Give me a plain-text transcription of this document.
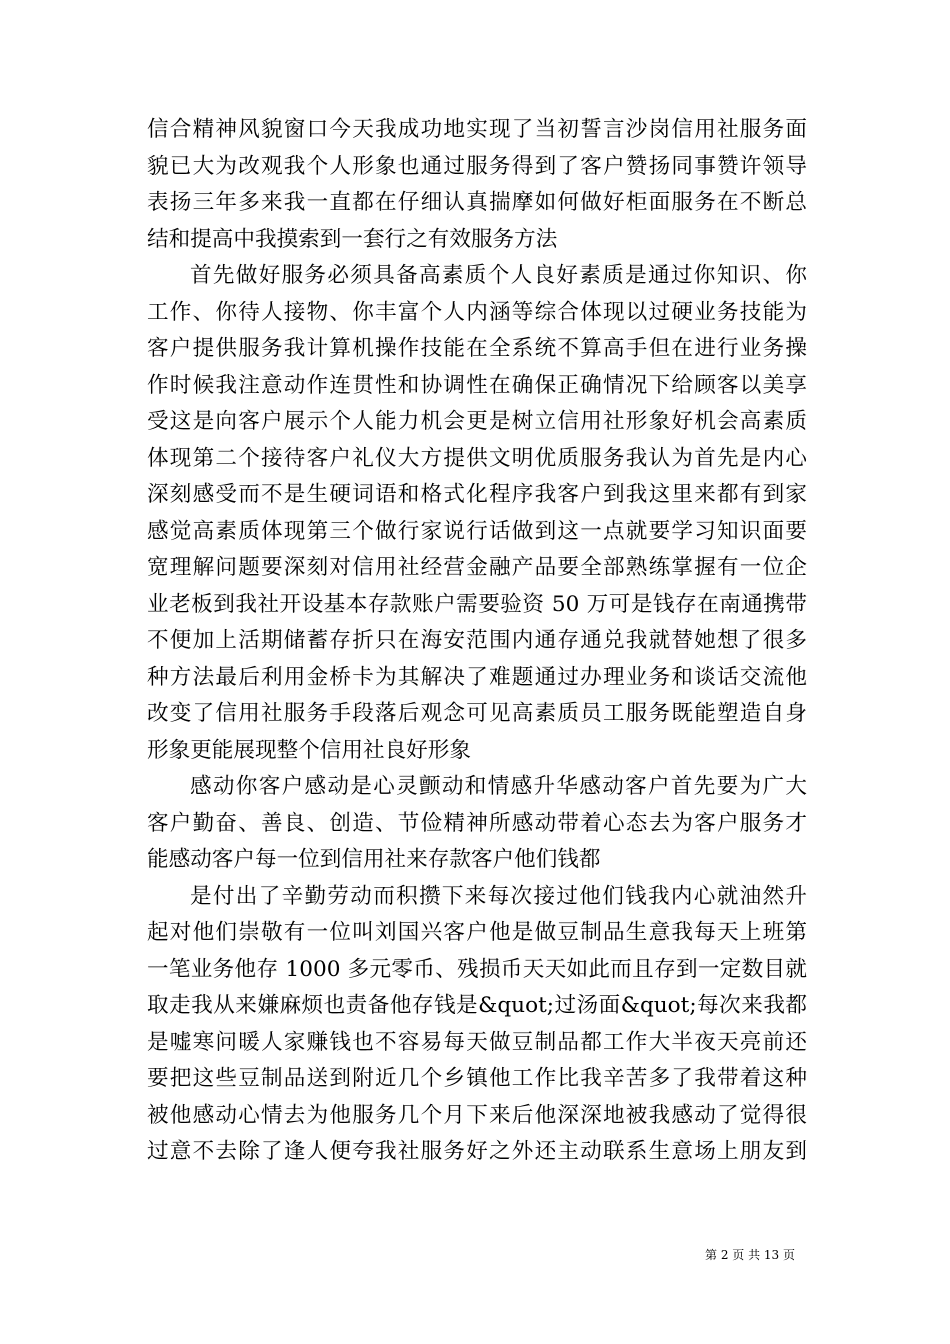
信合精神风貌窗口今天我成功地实现了当初誓言沙岗信用社服务面
貌已大为改观我个人形象也通过服务得到了客户赞扬同事赞许领导
表扬三年多来我一直都在仔细认真揣摩如何做好柜面服务在不断总
结和提高中我摸索到一套行之有效服务方法
首先做好服务必须具备高素质个人良好素质是通过你知识、你
工作、你待人接物、你丰富个人内涵等综合体现以过硬业务技能为
客户提供服务我计算机操作技能在全系统不算高手但在进行业务操
作时候我注意动作连贯性和协调性在确保正确情况下给顾客以美享
受这是向客户展示个人能力机会更是树立信用社形象好机会高素质
体现第二个接待客户礼仪大方提供文明优质服务我认为首先是内心
深刻感受而不是生硬词语和格式化程序我客户到我这里来都有到家
感觉高素质体现第三个做行家说行话做到这一点就要学习知识面要
宽理解问题要深刻对信用社经营金融产品要全部熟练掌握有一位企
业老板到我社开设基本存款账户需要验资 50 万可是钱存在南通携带
不便加上活期储蓄存折只在海安范围内通存通兑我就替她想了很多
种方法最后利用金桥卡为其解决了难题通过办理业务和谈话交流他
改变了信用社服务手段落后观念可见高素质员工服务既能塑造自身
形象更能展现整个信用社良好形象
感动你客户感动是心灵颤动和情感升华感动客户首先要为广大
客户勤奋、善良、创造、节俭精神所感动带着心态去为客户服务才
能感动客户每一位到信用社来存款客户他们钱都
是付出了辛勤劳动而积攒下来每次接过他们钱我内心就油然升
起对他们崇敬有一位叫刘国兴客户他是做豆制品生意我每天上班第
一笔业务他存 1000 多元零币、残损币天天如此而且存到一定数目就
取走我从来嫌麻烦也责备他存钱是&quot;过汤面&quot;每次来我都
是嘘寒问暖人家赚钱也不容易每天做豆制品都工作大半夜天亮前还
要把这些豆制品送到附近几个乡镇他工作比我辛苦多了我带着这种
被他感动心情去为他服务几个月下来后他深深地被我感动了觉得很
过意不去除了逢人便夸我社服务好之外还主动联系生意场上朋友到
第 2 页 共 13 页
